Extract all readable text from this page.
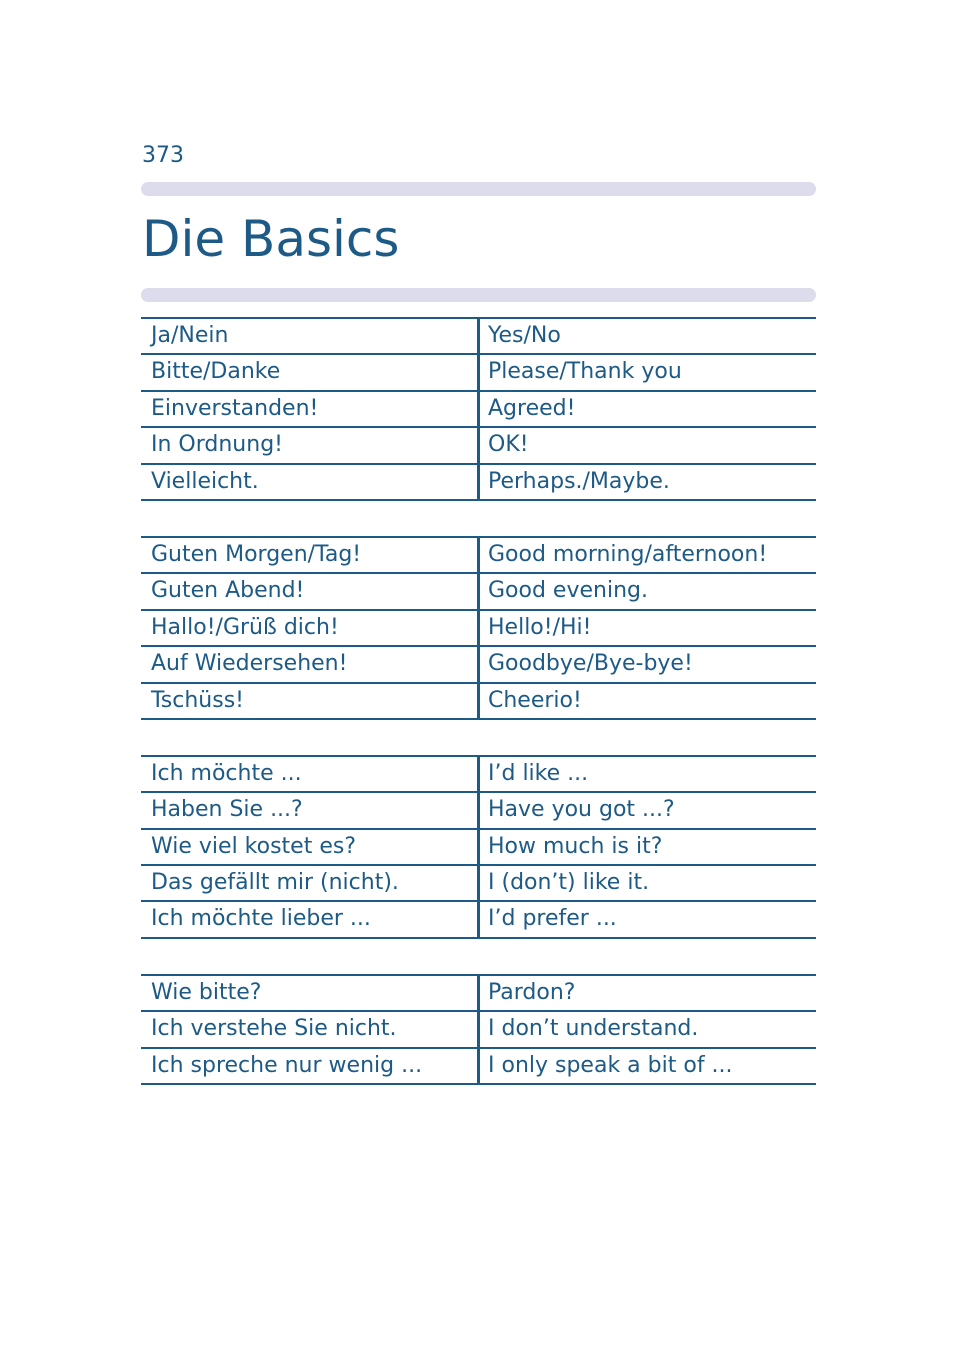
373
Die Basics
Ja/Nein	Yes/No
Bitte/Danke	Please/Thank you
Einverstanden!	Agreed!
In Ordnung!	OK!
Vielleicht.	Perhaps./Maybe.
Guten Morgen/Tag!	Good morning/afternoon!
Guten Abend!	Good evening.
Hallo!/Grüß dich!	Hello!/Hi!
Auf Wiedersehen!	Goodbye/Bye-bye!
Tschüss!	Cheerio!
Ich möchte ...	I’d like ...
Haben Sie ...?	Have you got ...?
Wie viel kostet es?	How much is it?
Das gefällt mir (nicht).	I (don’t) like it.
Ich möchte lieber ...	I’d prefer ...
Wie bitte?	Pardon?
Ich verstehe Sie nicht.	I don’t understand.
Ich spreche nur wenig ...	I only speak a bit of ...
